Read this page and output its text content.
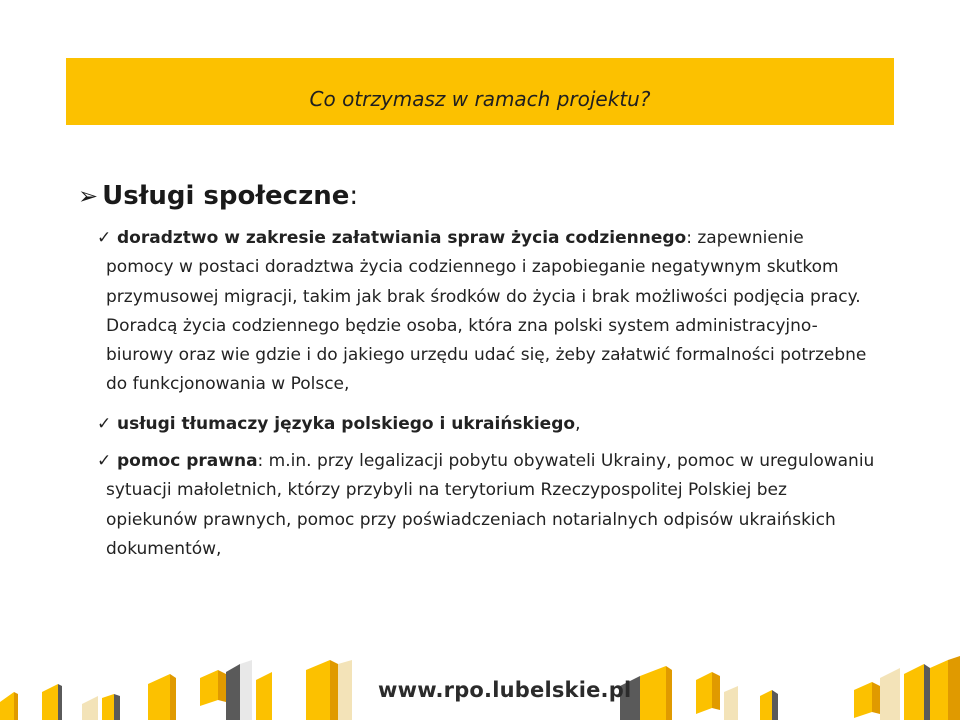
Co otrzymasz w ramach projektu?
➢ Usługi społeczne:
✓ doradztwo w zakresie załatwiania spraw życia codziennego: zapewnienie pomocy w postaci doradztwa życia codziennego i zapobieganie negatywnym skutkom przymusowej migracji, takim jak brak środków do życia i brak możliwości podjęcia pracy. Doradcą życia codziennego będzie osoba, która zna polski system administracyjno-biurowy oraz wie gdzie i do jakiego urzędu udać się, żeby załatwić formalności potrzebne do funkcjonowania w Polsce,
✓ usługi tłumaczy języka polskiego i ukraińskiego,
✓ pomoc prawna: m.in. przy legalizacji pobytu obywateli Ukrainy, pomoc w uregulowaniu sytuacji małoletnich, którzy przybyli na terytorium Rzeczypospolitej Polskiej bez opiekunów prawnych, pomoc przy poświadczeniach notarialnych odpisów ukraińskich dokumentów,
www.rpo.lubelskie.pl
